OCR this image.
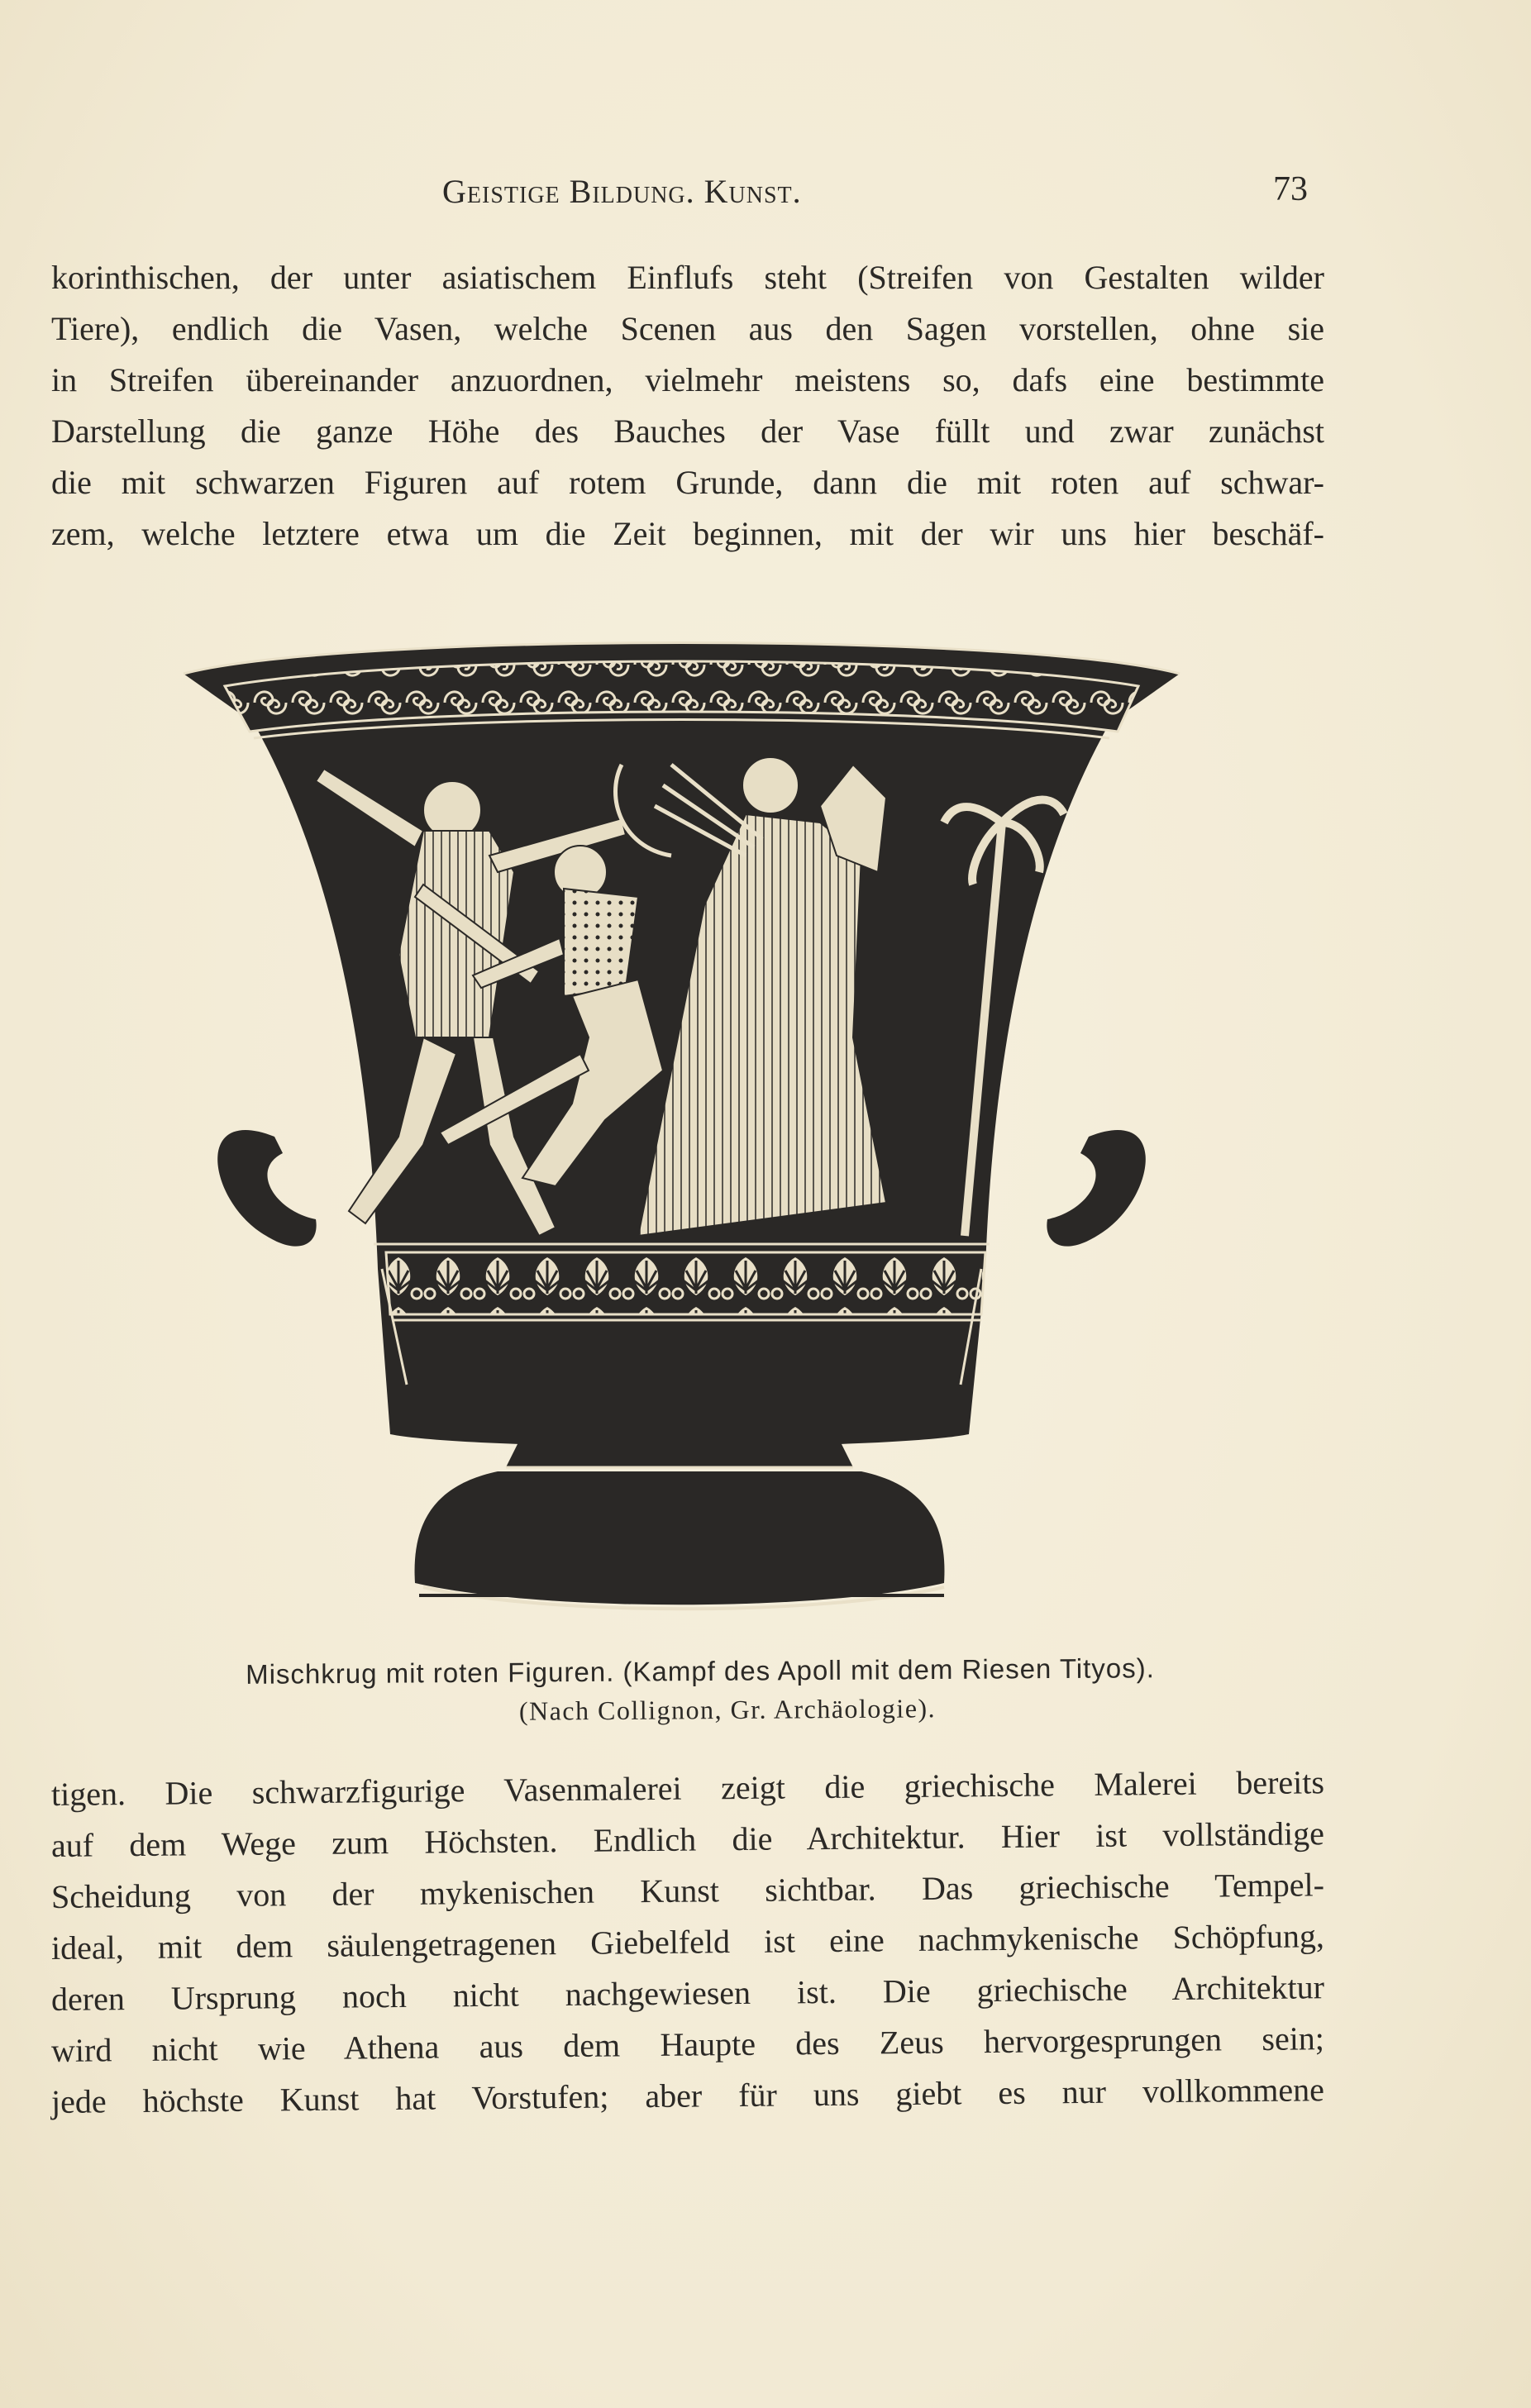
Geistige Bildung. Kunst.	73
korinthischen, der unter asiatischem Einflufs steht (Streifen von Gestalten wilder
Tiere), endlich die Vasen, welche Scenen aus den Sagen vorstellen, ohne sie
in Streifen übereinander anzuordnen, vielmehr meistens so, dafs eine bestimmte
Darstellung die ganze Höhe des Bauches der Vase füllt und zwar zunächst
die mit schwarzen Figuren auf rotem Grunde, dann die mit roten auf schwar-
zem, welche letztere etwa um die Zeit beginnen, mit der wir uns hier beschäf-
Mischkrug mit roten Figuren. (Kampf des Apoll mit dem Riesen Tityos).
(Nach Collignon, Gr. Archäologie).
tigen. Die schwarzfigurige Vasenmalerei zeigt die griechische Malerei bereits
auf dem Wege zum Höchsten. Endlich die Architektur. Hier ist vollständige
Scheidung von der mykenischen Kunst sichtbar. Das griechische Tempel-
ideal, mit dem säulengetragenen Giebelfeld ist eine nachmykenische Schöpfung,
deren Ursprung noch nicht nachgewiesen ist. Die griechische Architektur
wird nicht wie Athena aus dem Haupte des Zeus hervorgesprungen sein;
jede höchste Kunst hat Vorstufen; aber für uns giebt es nur vollkommene
